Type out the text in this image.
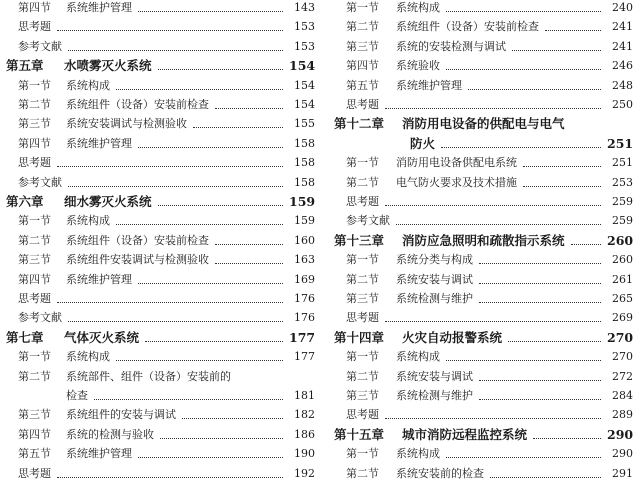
第四节	系统维护管理	143
思考题	153
参考文献	153
第五章	水喷雾灭火系统	154
第一节	系统构成	154
第二节	系统组件（设备）安装前检查	154
第三节	系统安装调试与检测验收	155
第四节	系统维护管理	158
思考题	158
参考文献	158
第六章	细水雾灭火系统	159
第一节	系统构成	159
第二节	系统组件（设备）安装前检查	160
第三节	系统组件安装调试与检测验收	163
第四节	系统维护管理	169
思考题	176
参考文献	176
第七章	气体灭火系统	177
第一节	系统构成	177
第二节	系统部件、组件（设备）安装前的
检查	181
第三节	系统组件的安装与调试	182
第四节	系统的检测与验收	186
第五节	系统维护管理	190
思考题	192
第一节	系统构成	240
第二节	系统组件（设备）安装前检查	241
第三节	系统的安装检测与调试	241
第四节	系统验收	246
第五节	系统维护管理	248
思考题	250
第十二章	消防用电设备的供配电与电气
防火	251
第一节	消防用电设备供配电系统	251
第二节	电气防火要求及技术措施	253
思考题	259
参考文献	259
第十三章	消防应急照明和疏散指示系统	260
第一节	系统分类与构成	260
第二节	系统安装与调试	261
第三节	系统检测与维护	265
思考题	269
第十四章	火灾自动报警系统	270
第一节	系统构成	270
第二节	系统安装与调试	272
第三节	系统检测与维护	284
思考题	289
第十五章	城市消防远程监控系统	290
第一节	系统构成	290
第二节	系统安装前的检查	291
